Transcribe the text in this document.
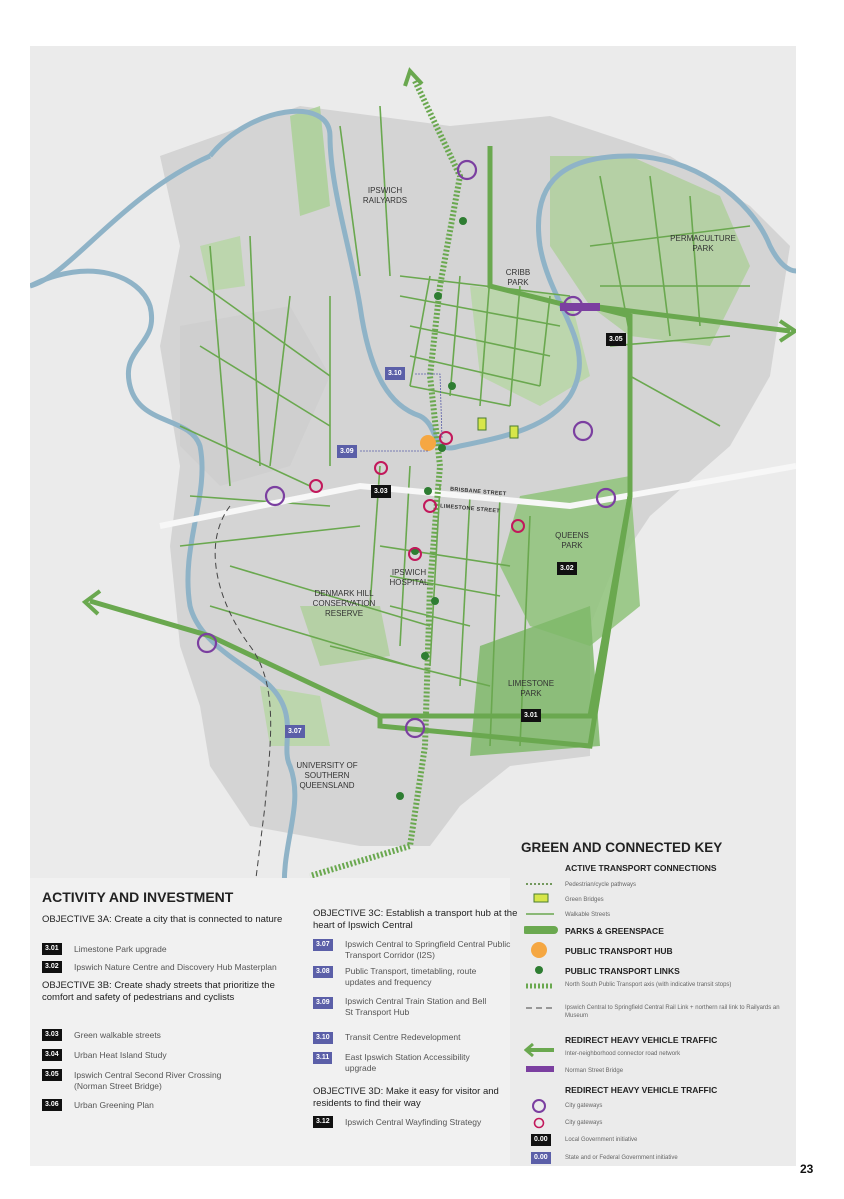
IPSWICH RAILYARDS
CRIBB PARK
PERMACULTURE PARK
QUEENS PARK
IPSWICH HOSPITAL
DENMARK HILL CONSERVATION RESERVE
LIMESTONE PARK
UNIVERSITY OF SOUTHERN QUEENSLAND
BRISBANE STREET
LIMESTONE STREET
3.05
3.10
3.09
3.03
3.02
3.01
3.07
ACTIVITY AND INVESTMENT
OBJECTIVE 3A: Create a city that is connected to nature
3.01	Limestone Park upgrade
3.02	Ipswich Nature Centre and Discovery Hub Masterplan
OBJECTIVE 3B: Create shady streets that prioritize the comfort and safety of pedestrians and cyclists
3.03	Green walkable streets
3.04	Urban Heat Island Study
3.05	Ipswich Central Second River Crossing (Norman Street Bridge)
3.06	Urban Greening Plan
OBJECTIVE 3C: Establish a transport hub at the heart of Ipswich Central
3.07	Ipswich Central to Springfield Central Public Transport Corridor (I2S)
3.08	Public Transport, timetabling, route updates and frequency
3.09	Ipswich Central Train Station and Bell St Transport Hub
3.10	Transit Centre Redevelopment
3.11	East Ipswich Station Accessibility upgrade
OBJECTIVE 3D: Make it easy for visitor and residents to find their way
3.12	Ipswich Central Wayfinding Strategy
GREEN AND CONNECTED KEY
ACTIVE TRANSPORT CONNECTIONS
Pedestrian/cycle pathways
Green Bridges
Walkable Streets
PARKS & GREENSPACE
PUBLIC TRANSPORT HUB
PUBLIC TRANSPORT LINKS
North South Public Transport axis (with indicative transit stops)
Ipswich Central to Springfield Central Rail Link + northern rail link to Railyards an Museum
REDIRECT HEAVY VEHICLE TRAFFIC
Inter-neighborhood connector road network
Norman Street Bridge
REDIRECT HEAVY VEHICLE TRAFFIC
City gateways
City gateways
0.00	Local Government initiative
0.00	State and or Federal Government initiative
23
